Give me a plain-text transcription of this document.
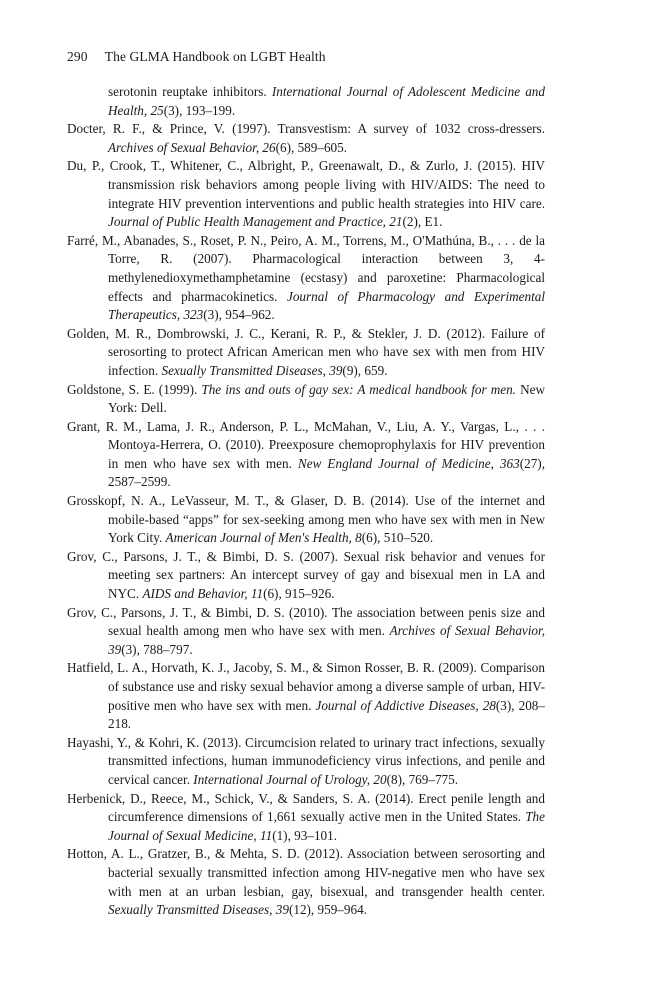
290 The GLMA Handbook on LGBT Health

serotonin reuptake inhibitors. International Journal of Adolescent Medicine and Health, 25(3), 193–199.

Docter, R. F., & Prince, V. (1997). Transvestism: A survey of 1032 cross-dressers. Archives of Sexual Behavior, 26(6), 589–605.

Du, P., Crook, T., Whitener, C., Albright, P., Greenawalt, D., & Zurlo, J. (2015). HIV transmission risk behaviors among people living with HIV/AIDS: The need to integrate HIV prevention interventions and public health strategies into HIV care. Journal of Public Health Management and Practice, 21(2), E1.

Farré, M., Abanades, S., Roset, P. N., Peiro, A. M., Torrens, M., O'Mathúna, B., . . . de la Torre, R. (2007). Pharmacological interaction between 3, 4-methylenedioxymethamphetamine (ecstasy) and paroxetine: Pharmacological effects and pharmacokinetics. Journal of Pharmacology and Experimental Therapeutics, 323(3), 954–962.

Golden, M. R., Dombrowski, J. C., Kerani, R. P., & Stekler, J. D. (2012). Failure of serosorting to protect African American men who have sex with men from HIV infection. Sexually Transmitted Diseases, 39(9), 659.

Goldstone, S. E. (1999). The ins and outs of gay sex: A medical handbook for men. New York: Dell.

Grant, R. M., Lama, J. R., Anderson, P. L., McMahan, V., Liu, A. Y., Vargas, L., . . . Montoya-Herrera, O. (2010). Preexposure chemoprophylaxis for HIV prevention in men who have sex with men. New England Journal of Medicine, 363(27), 2587–2599.

Grosskopf, N. A., LeVasseur, M. T., & Glaser, D. B. (2014). Use of the internet and mobile-based “apps” for sex-seeking among men who have sex with men in New York City. American Journal of Men's Health, 8(6), 510–520.

Grov, C., Parsons, J. T., & Bimbi, D. S. (2007). Sexual risk behavior and venues for meeting sex partners: An intercept survey of gay and bisexual men in LA and NYC. AIDS and Behavior, 11(6), 915–926.

Grov, C., Parsons, J. T., & Bimbi, D. S. (2010). The association between penis size and sexual health among men who have sex with men. Archives of Sexual Behavior, 39(3), 788–797.

Hatfield, L. A., Horvath, K. J., Jacoby, S. M., & Simon Rosser, B. R. (2009). Comparison of substance use and risky sexual behavior among a diverse sample of urban, HIV-positive men who have sex with men. Journal of Addictive Diseases, 28(3), 208–218.

Hayashi, Y., & Kohri, K. (2013). Circumcision related to urinary tract infections, sexually transmitted infections, human immunodeficiency virus infections, and penile and cervical cancer. International Journal of Urology, 20(8), 769–775.

Herbenick, D., Reece, M., Schick, V., & Sanders, S. A. (2014). Erect penile length and circumference dimensions of 1,661 sexually active men in the United States. The Journal of Sexual Medicine, 11(1), 93–101.

Hotton, A. L., Gratzer, B., & Mehta, S. D. (2012). Association between serosorting and bacterial sexually transmitted infection among HIV-negative men who have sex with men at an urban lesbian, gay, bisexual, and transgender health center. Sexually Transmitted Diseases, 39(12), 959–964.
